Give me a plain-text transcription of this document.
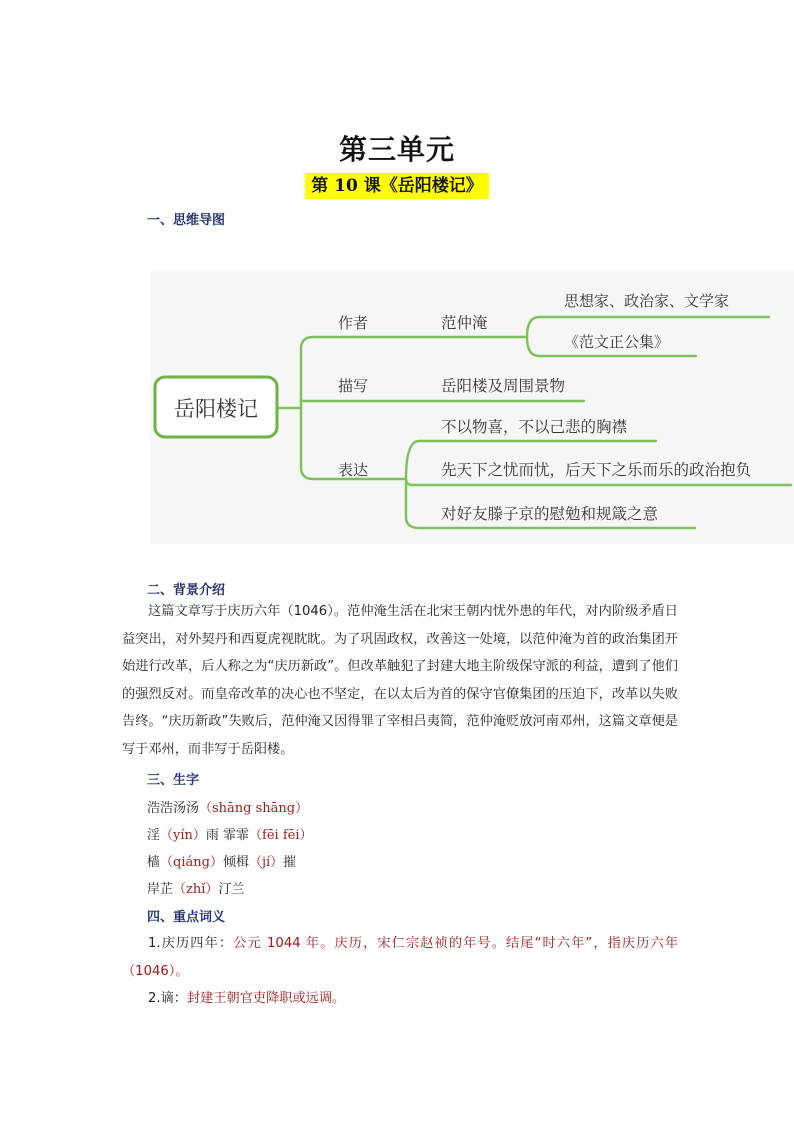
第三单元
第 10 课《岳阳楼记》
一、思维导图
岳阳楼记
作者
描写
表达
范仲淹
思想家、政治家、文学家
《范文正公集》
岳阳楼及周围景物
不以物喜，不以己悲的胸襟
先天下之忧而忧，后天下之乐而乐的政治抱负
对好友滕子京的慰勉和规箴之意
二、背景介绍
这篇文章写于庆历六年（1046）。范仲淹生活在北宋王朝内忧外患的年代，对内阶级矛盾日益突出，对外契丹和西夏虎视眈眈。为了巩固政权，改善这一处境，以范仲淹为首的政治集团开始进行改革，后人称之为“庆历新政”。但改革触犯了封建大地主阶级保守派的利益，遭到了他们的强烈反对。而皇帝改革的决心也不坚定，在以太后为首的保守官僚集团的压迫下，改革以失败告终。“庆历新政”失败后，范仲淹又因得罪了宰相吕夷简，范仲淹贬放河南邓州，这篇文章便是写于邓州，而非写于岳阳楼。
三、生字
浩浩汤汤（shāng shāng）
淫（yín）雨 霏霏（fēi fēi）
樯（qiáng）倾楫（jí）摧
岸芷（zhǐ）汀兰
四、重点词义
1.庆历四年：公元 1044 年。庆历，宋仁宗赵祯的年号。结尾“时六年”，指庆历六年（1046）。
2.谪：封建王朝官吏降职或远调。
